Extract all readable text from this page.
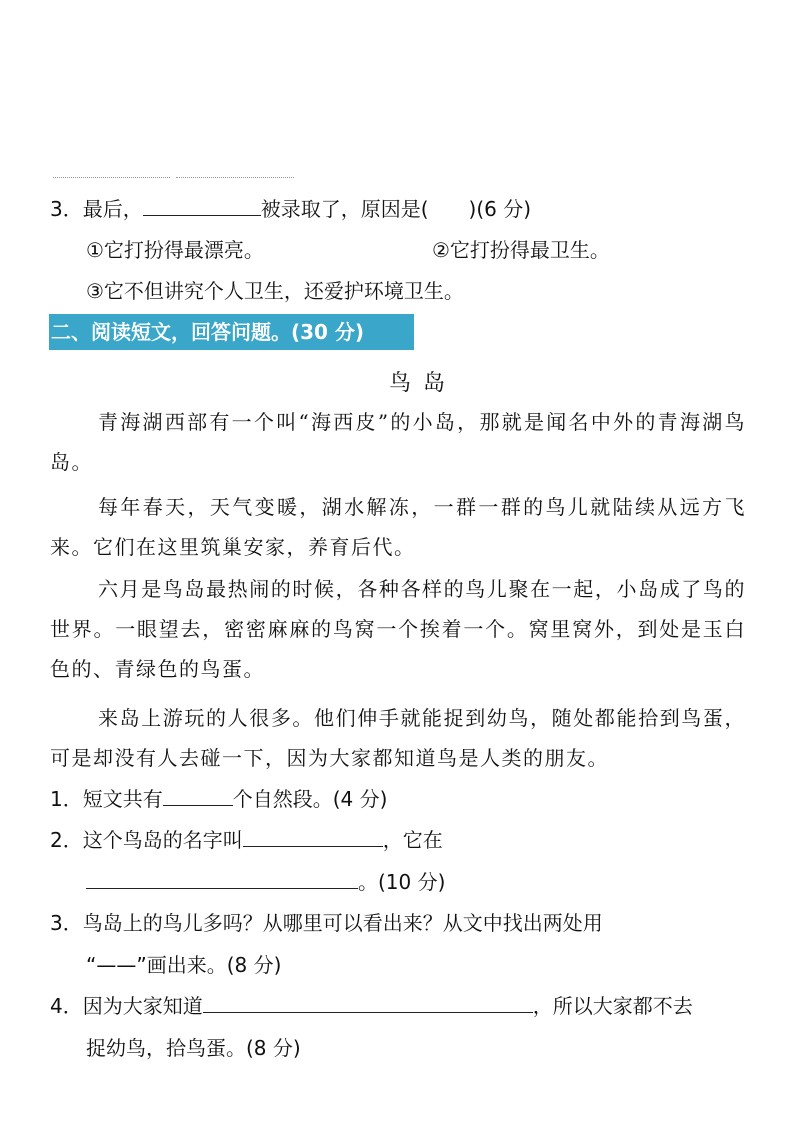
3．最后，	被录取了，原因是(　　)(6 分)
①它打扮得最漂亮。	②它打扮得最卫生。
③它不但讲究个人卫生，还爱护环境卫生。
二、阅读短文，回答问题。(30 分)
鸟岛
青海湖西部有一个叫“海西皮”的小岛，那就是闻名中外的青海湖鸟岛。
每年春天，天气变暖，湖水解冻，一群一群的鸟儿就陆续从远方飞来。它们在这里筑巢安家，养育后代。
六月是鸟岛最热闹的时候，各种各样的鸟儿聚在一起，小岛成了鸟的世界。一眼望去，密密麻麻的鸟窝一个挨着一个。窝里窝外，到处是玉白色的、青绿色的鸟蛋。
来岛上游玩的人很多。他们伸手就能捉到幼鸟，随处都能拾到鸟蛋，可是却没有人去碰一下，因为大家都知道鸟是人类的朋友。
1．短文共有	个自然段。(4 分)
2．这个鸟岛的名字叫	，它在
。(10 分)
3．鸟岛上的鸟儿多吗？从哪里可以看出来？从文中找出两处用
“——”画出来。(8 分)
4．因为大家知道	，所以大家都不去
捉幼鸟，拾鸟蛋。(8 分)
